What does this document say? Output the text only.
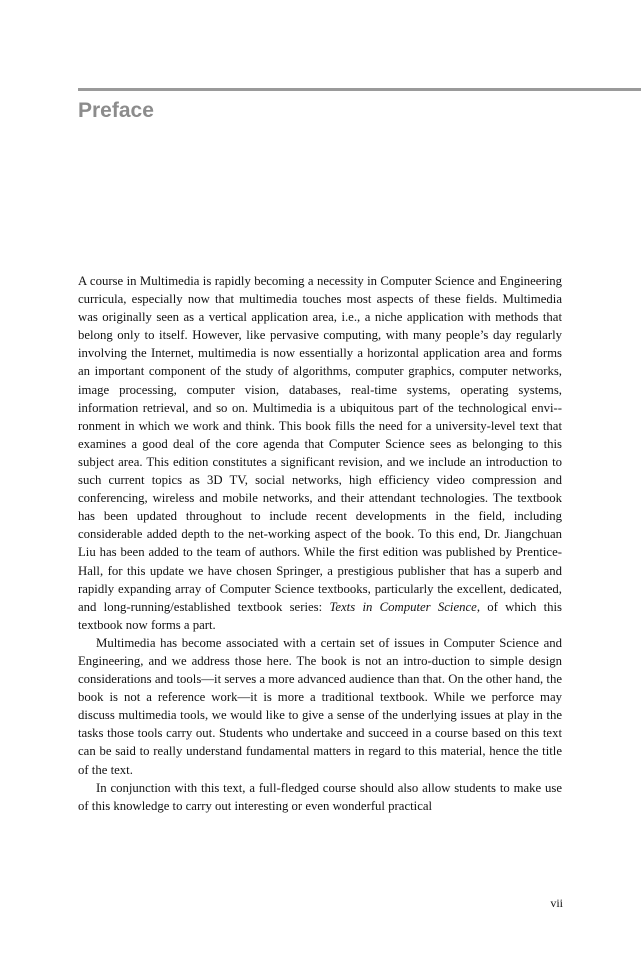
Preface

A course in Multimedia is rapidly becoming a necessity in Computer Science and Engineering curricula, especially now that multimedia touches most aspects of these fields. Multimedia was originally seen as a vertical application area, i.e., a niche application with methods that belong only to itself. However, like pervasive computing, with many people’s day regularly involving the Internet, multimedia is now essentially a horizontal application area and forms an important component of the study of algorithms, computer graphics, computer networks, image processing, computer vision, databases, real-time systems, operating systems, information retrieval, and so on. Multimedia is a ubiquitous part of the technological envi-ronment in which we work and think. This book fills the need for a university-level text that examines a good deal of the core agenda that Computer Science sees as belonging to this subject area. This edition constitutes a significant revision, and we include an introduction to such current topics as 3D TV, social networks, high efficiency video compression and conferencing, wireless and mobile networks, and their attendant technologies. The textbook has been updated throughout to include recent developments in the field, including considerable added depth to the net-working aspect of the book. To this end, Dr. Jiangchuan Liu has been added to the team of authors. While the first edition was published by Prentice-Hall, for this update we have chosen Springer, a prestigious publisher that has a superb and rapidly expanding array of Computer Science textbooks, particularly the excellent, dedicated, and long-running/established textbook series: Texts in Computer Science, of which this textbook now forms a part.

Multimedia has become associated with a certain set of issues in Computer Science and Engineering, and we address those here. The book is not an intro-duction to simple design considerations and tools—it serves a more advanced audience than that. On the other hand, the book is not a reference work—it is more a traditional textbook. While we perforce may discuss multimedia tools, we would like to give a sense of the underlying issues at play in the tasks those tools carry out. Students who undertake and succeed in a course based on this text can be said to really understand fundamental matters in regard to this material, hence the title of the text.

In conjunction with this text, a full-fledged course should also allow students to make use of this knowledge to carry out interesting or even wonderful practical

vii
